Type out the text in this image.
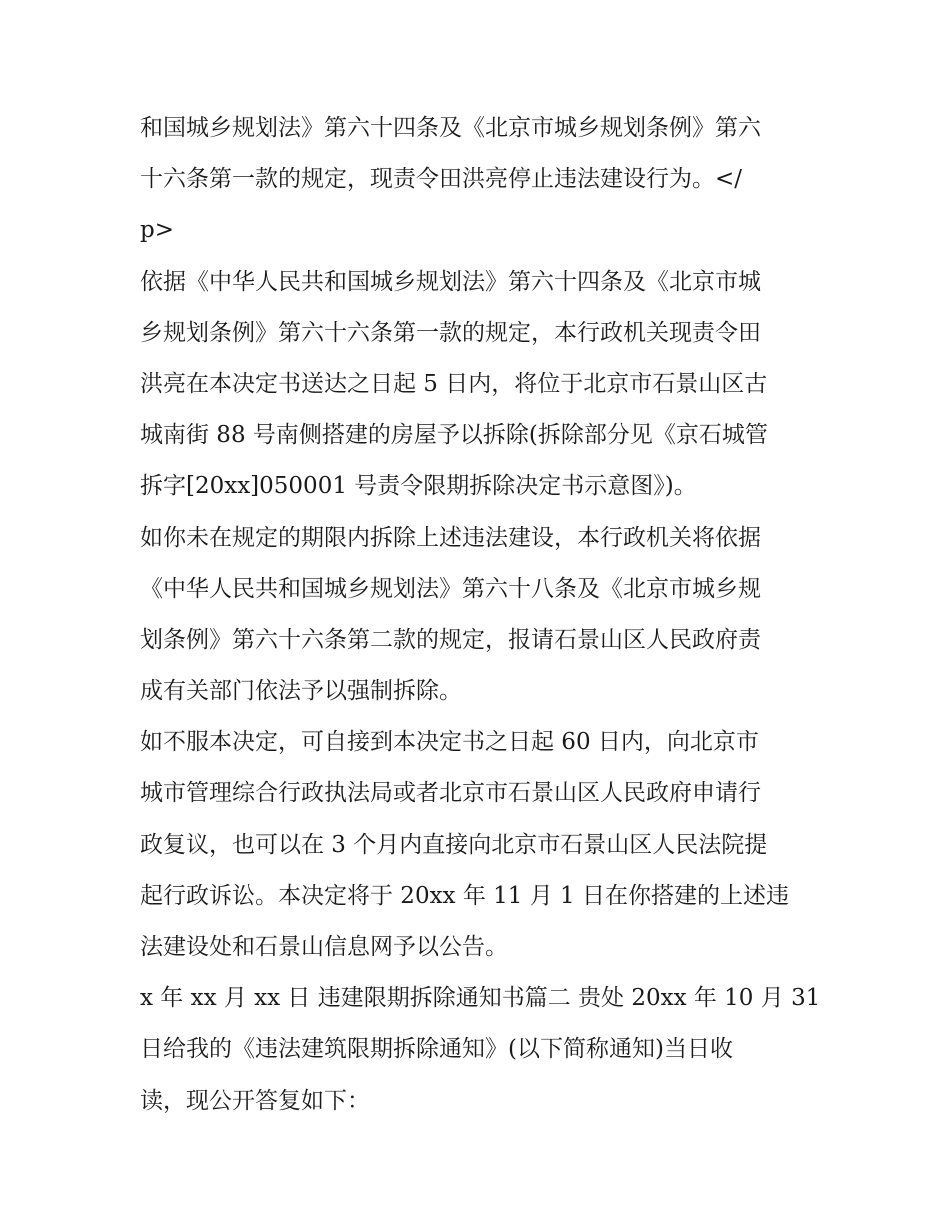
和国城乡规划法》第六十四条及《北京市城乡规划条例》第六
十六条第一款的规定，现责令田洪亮停止违法建设行为。</
p>
依据《中华人民共和国城乡规划法》第六十四条及《北京市城
乡规划条例》第六十六条第一款的规定，本行政机关现责令田
洪亮在本决定书送达之日起 5 日内，将位于北京市石景山区古
城南街 88 号南侧搭建的房屋予以拆除(拆除部分见《京石城管
拆字[20xx]050001 号责令限期拆除决定书示意图》)。
如你未在规定的期限内拆除上述违法建设，本行政机关将依据
《中华人民共和国城乡规划法》第六十八条及《北京市城乡规
划条例》第六十六条第二款的规定，报请石景山区人民政府责
成有关部门依法予以强制拆除。
如不服本决定，可自接到本决定书之日起 60 日内，向北京市
城市管理综合行政执法局或者北京市石景山区人民政府申请行
政复议，也可以在 3 个月内直接向北京市石景山区人民法院提
起行政诉讼。本决定将于 20xx 年 11 月 1 日在你搭建的上述违
法建设处和石景山信息网予以公告。
x 年 xx 月 xx 日 违建限期拆除通知书篇二 贵处 20xx 年 10 月 31
日给我的《违法建筑限期拆除通知》(以下简称通知)当日收
读，现公开答复如下：
